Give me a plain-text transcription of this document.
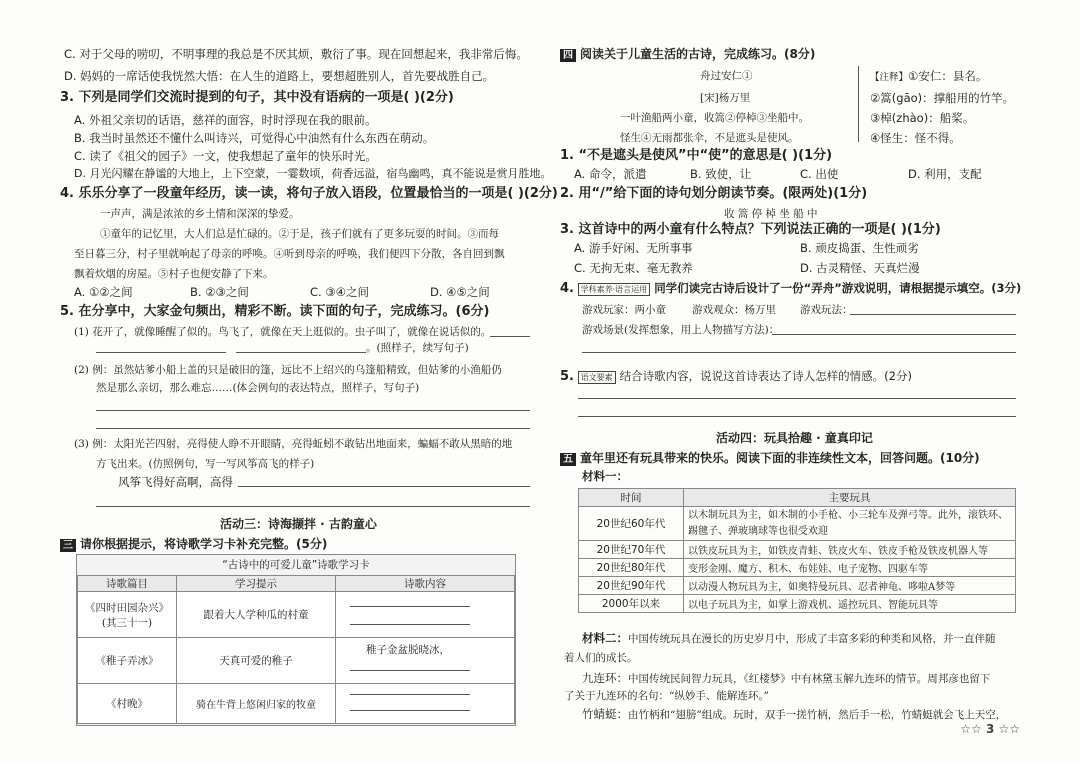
C. 对于父母的唠叨，不明事理的我总是不厌其烦，敷衍了事。现在回想起来，我非常后悔。
D. 妈妈的一席话使我恍然大悟：在人生的道路上，要想超胜别人，首先要战胜自己。
3. 下列是同学们交流时提到的句子，其中没有语病的一项是( )(2分)
A. 外祖父亲切的话语，慈祥的面容，时时浮现在我的眼前。
B. 我当时虽然还不懂什么叫诗兴，可觉得心中油然有什么东西在萌动。
C. 读了《祖父的园子》一文，使我想起了童年的快乐时光。
D. 月光闪耀在静谧的大地上，上下空蒙，一霎数顷，荷香远溢，宿鸟幽鸣，真不能说是赏月胜地。
4. 乐乐分享了一段童年经历，读一读，将句子放入语段，位置最恰当的一项是( )(2分)
一声声，满是浓浓的乡土情和深深的挚爱。
①童年的记忆里，大人们总是忙碌的。②于是，孩子们就有了更多玩耍的时间。③而每
至日暮三分，村子里就响起了母亲的呼唤。④听到母亲的呼唤，我们便四下分散，各自回到飘
飘着炊烟的房屋。⑤村子也便安静了下来。
A. ①②之间	B. ②③之间	C. ③④之间	D. ④⑤之间
5. 在分享中，大家金句频出，精彩不断。读下面的句子，完成练习。(6分)
(1) 花开了，就像睡醒了似的。鸟飞了，就像在天上逛似的。虫子叫了，就像在说话似的。
。(照样子，续写句子)
(2) 例：虽然姑爹小船上盖的只是破旧的篷，远比不上绍兴的乌篷船精致，但姑爹的小渔船仍
然是那么亲切，那么难忘……(体会例句的表达特点，照样子，写句子)
(3) 例：太阳光芒四射，亮得使人睁不开眼睛，亮得蚯蚓不敢钻出地面来，蝙蝠不敢从黑暗的地
方飞出来。(仿照例句，写一写风筝高飞的样子)
风筝飞得好高啊，高得
活动三：诗海撷拌 · 古韵童心
三 请你根据提示，将诗歌学习卡补充完整。(5分)
“古诗中的可爱儿童”诗歌学习卡
诗歌篇目	学习提示	诗歌内容
《四时田园杂兴》(其三十一)	跟着大人学种瓜的村童	

《稚子弄冰》	天真可爱的稚子	稚子金盆脱晓冰，

《村晚》	骑在牛背上悠闲归家的牧童	
四 阅读关于儿童生活的古诗，完成练习。(8分)
舟过安仁①
[宋]杨万里
一叶渔船两小童，收篙②停棹③坐船中。
怪生④无雨都张伞，不是遮头是使风。
【注释】①安仁：县名。
②篙(gāo)：撑船用的竹竿。
③棹(zhào)：船桨。
④怪生：怪不得。
1. “不是遮头是使风”中“使”的意思是( )(1分)
A. 命令，派遣	B. 致使，让	C. 出使	D. 利用，支配
2. 用“/”给下面的诗句划分朗读节奏。(限两处)(1分)
收 篙 停 棹 坐 船 中
3. 这首诗中的两小童有什么特点？下列说法正确的一项是( )(1分)
A. 游手好闲、无所事事	B. 顽皮捣蛋、生性顽劣
C. 无拘无束、毫无教养	D. 古灵精怪、天真烂漫
4. 学科素养·语言运用 同学们读完古诗后设计了一份“弄舟”游戏说明，请根据提示填空。(3分)
游戏玩家：两小童 游戏观众：杨万里 游戏玩法：
游戏场景(发挥想象，用上人物描写方法)：
5. 语文要素 结合诗歌内容，说说这首诗表达了诗人怎样的情感。(2分)
活动四：玩具拾趣 · 童真印记
五 童年里还有玩具带来的快乐。阅读下面的非连续性文本，回答问题。(10分)
材料一：
时间	主要玩具
20世纪60年代	以木制玩具为主，如木制的小手枪、小三轮车及弹弓等。此外，滚铁环、踢毽子、弹玻璃球等也很受欢迎
20世纪70年代	以铁皮玩具为主，如铁皮青蛙、铁皮火车、铁皮手枪及铁皮机器人等
20世纪80年代	变形金刚、魔方、积木、布娃娃、电子宠物、四驱车等
20世纪90年代	以动漫人物玩具为主，如奥特曼玩具、忍者神龟、哆啦A梦等
2000年以来	以电子玩具为主，如掌上游戏机、遥控玩具、智能玩具等
材料二：中国传统玩具在漫长的历史岁月中，形成了丰富多彩的种类和风格，并一直伴随
着人们的成长。
九连环：中国传统民间智力玩具，《红楼梦》中有林黛玉解九连环的情节。周邦彦也留下
了关于九连环的名句：“纵妙手、能解连环。”
竹蜻蜓：由竹柄和“翅膀”组成。玩时，双手一搓竹柄，然后手一松，竹蜻蜓就会飞上天空，
☆☆ 3 ☆☆
